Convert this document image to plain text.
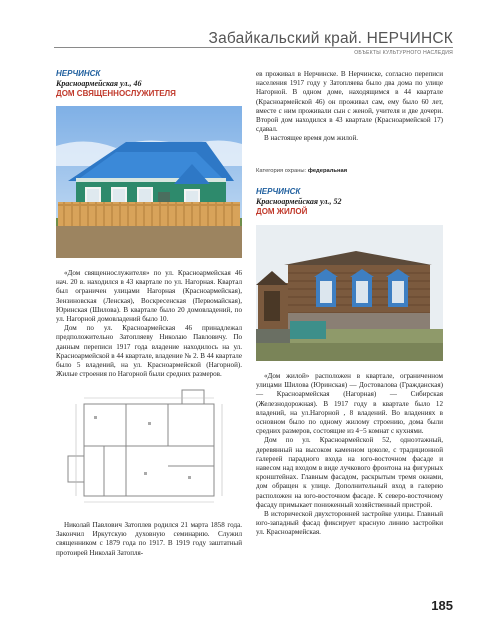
Забайкальский край. НЕРЧИНСК
ОБЪЕКТЫ КУЛЬТУРНОГО НАСЛЕДИЯ
НЕРЧИНСК
Красноармейская ул., 46
ДОМ СВЯЩЕННОСЛУЖИТЕЛЯ

«Дом священнослужителя» по ул. Красноармейская 46 нач. 20 в. находился в 43 квартале по ул. Нагорная. Квартал был ограничен улицами Нагорная (Красноармейская), Зензиновская (Ленская), Воскресенская (Первомайская), Юринская (Шилова). В квартале было 20 домовладений, по ул. Нагорной домовладений было 10.

Дом по ул. Красноармейская 46 принадлежал предположительно Затопляеву Николаю Павловичу. По данным переписи 1917 года владение находилось на ул. Красноармейской в 44 квартале, владение № 2. В 44 квартале было 5 владений, на ул. Красноармейской (Нагорной). Жилые строения по Нагорной были средних размеров.

Николай Павлович Затоплев родился 21 марта 1858 года. Закончил Иркутскую духовную семинарию. Служил священником с 1879 года по 1917. В 1919 году заштатный протоирей Николай Затопля-

ев проживал в Нерчинске. В Нерчинске, согласно переписи населения 1917 году у Затопляева было два дома по улице Нагорной. В одном доме, находящимся в 44 квартале (Красноармейской 46) он проживал сам, ему было 60 лет, вместе с ним проживали сын с женой, учителя и две дочери. Второй дом находился в 43 квартале (Красноармейской 17) сдавал.

В настоящее время дом жилой.

Категория охраны: федеральная
НЕРЧИНСК
Красноармейская ул., 52
ДОМ ЖИЛОЙ

«Дом жилой» расположен в квартале, ограниченном улицами Шилова (Юринская) — Достовалова (Гражданская) — Красноармейская (Нагорная) — Сибирская (Железнодорожная). В 1917 году в квартале было 12 владений, на ул.Нагорной , 8 владений. Во владениях в основном было по одному жилому строению, дома были средних размеров, состоящие из 4−5 комнат с кухнями.

Дом по ул. Красноармейской 52, одноэтажный, деревянный на высоком каменном цоколе, с традиционной галереей парадного входа на юго-восточном фасаде и навесом над входом в виде лучкового фронтона на фигурных кронштейнах. Главным фасадом, раскрытым тремя окнами, дом обращен к улице. Дополнительный вход в галерею расположен на юго-восточном фасаде. К северо-восточному фасаду примыкает пониженный хозяйственный пристрой.

В исторической двухсторонней застройке улицы. Главный юго-западный фасад фиксирует красную линию застройки ул. Красноармейская.

185
